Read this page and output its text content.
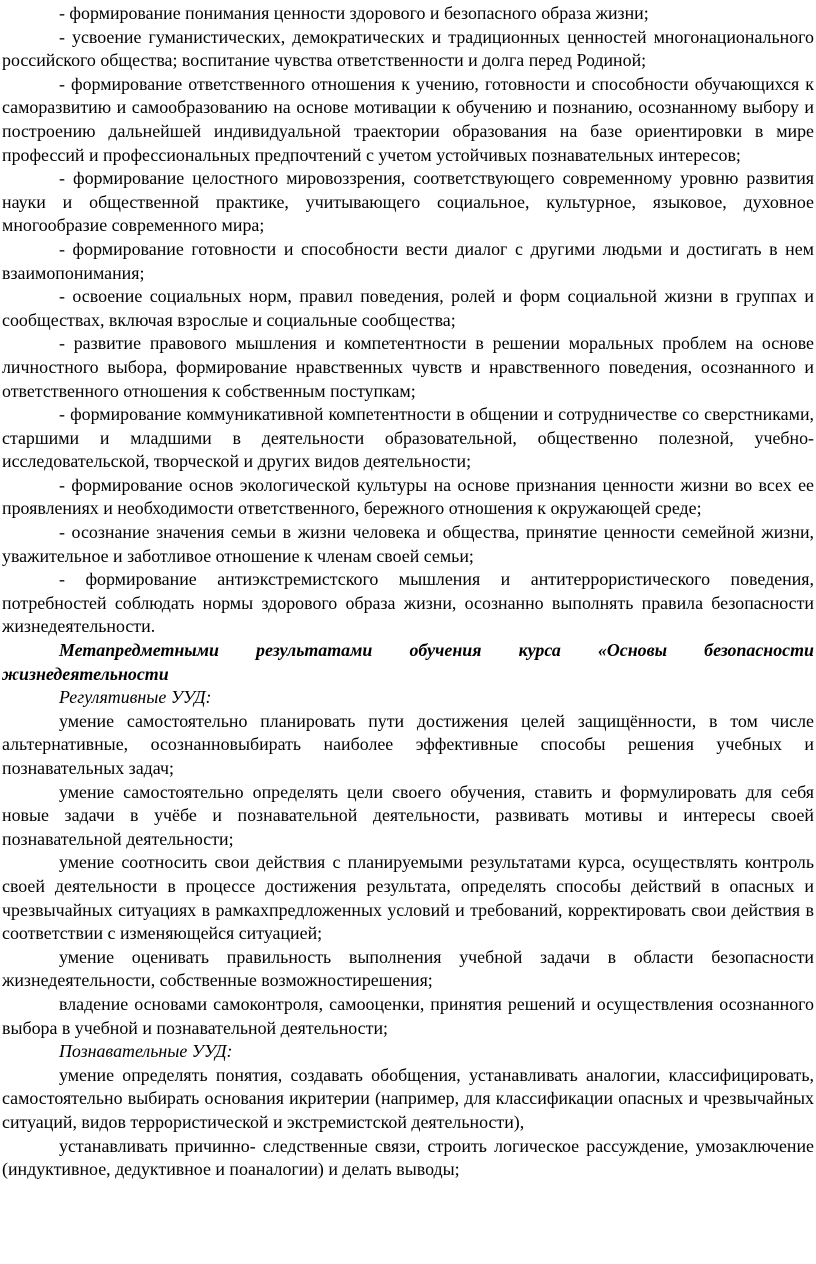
- формирование понимания ценности здорового и безопасного образа жизни;

- усвоение гуманистических, демократических и традиционных ценностей многонационального российского общества; воспитание чувства ответственности и долга перед Родиной;

- формирование ответственного отношения к учению, готовности и способности обучающихся к саморазвитию и самообразованию на основе мотивации к обучению и познанию, осознанному выбору и построению дальнейшей индивидуальной траектории образования на базе ориентировки в мире профессий и профессиональных предпочтений с учетом устойчивых познавательных интересов;

- формирование целостного мировоззрения, соответствующего современному уровню развития науки и общественной практике, учитывающего социальное, культурное, языковое, духовное многообразие современного мира;

- формирование готовности и способности вести диалог с другими людьми и достигать в нем взаимопонимания;

- освоение социальных норм, правил поведения, ролей и форм социальной жизни в группах и сообществах, включая взрослые и социальные сообщества;

- развитие правового мышления и компетентности в решении моральных проблем на основе личностного выбора, формирование нравственных чувств и нравственного поведения, осознанного и ответственного отношения к собственным поступкам;

- формирование коммуникативной компетентности в общении и сотрудничестве со сверстниками, старшими и младшими в деятельности образовательной, общественно полезной, учебно-исследовательской, творческой и других видов деятельности;

- формирование основ экологической культуры на основе признания ценности жизни во всех ее проявлениях и необходимости ответственного, бережного отношения к окружающей среде;

- осознание значения семьи в жизни человека и общества, принятие ценности семейной жизни, уважительное и заботливое отношение к членам своей семьи;

- формирование антиэкстремистского мышления и антитеррористического поведения, потребностей соблюдать нормы здорового образа жизни, осознанно выполнять правила безопасности жизнедеятельности.

Метапредметными результатами обучения курса «Основы безопасности жизнедеятельности

Регулятивные УУД:

умение самостоятельно планировать пути достижения целей защищённости, в том числе альтернативные, осознанновыбирать наиболее эффективные способы решения учебных и познавательных задач;

умение самостоятельно определять цели своего обучения, ставить и формулировать для себя новые задачи в учёбе и познавательной деятельности, развивать мотивы и интересы своей познавательной деятельности;

умение соотносить свои действия с планируемыми результатами курса, осуществлять контроль своей деятельности в процессе достижения результата, определять способы действий в опасных и чрезвычайных ситуациях в рамкахпредложенных условий и требований, корректировать свои действия в соответствии с изменяющейся ситуацией;

умение оценивать правильность выполнения учебной задачи в области безопасности жизнедеятельности, собственные возможностирешения;

владение основами самоконтроля, самооценки, принятия решений и осуществления осознанного выбора в учебной и познавательной деятельности;

Познавательные УУД:

умение определять понятия, создавать обобщения, устанавливать аналогии, классифицировать, самостоятельно выбирать основания икритерии (например, для классификации опасных и чрезвычайных ситуаций, видов террористической и экстремистской деятельности),

устанавливать причинно- следственные связи, строить логическое рассуждение, умозаключение (индуктивное, дедуктивное и поаналогии) и делать выводы;
